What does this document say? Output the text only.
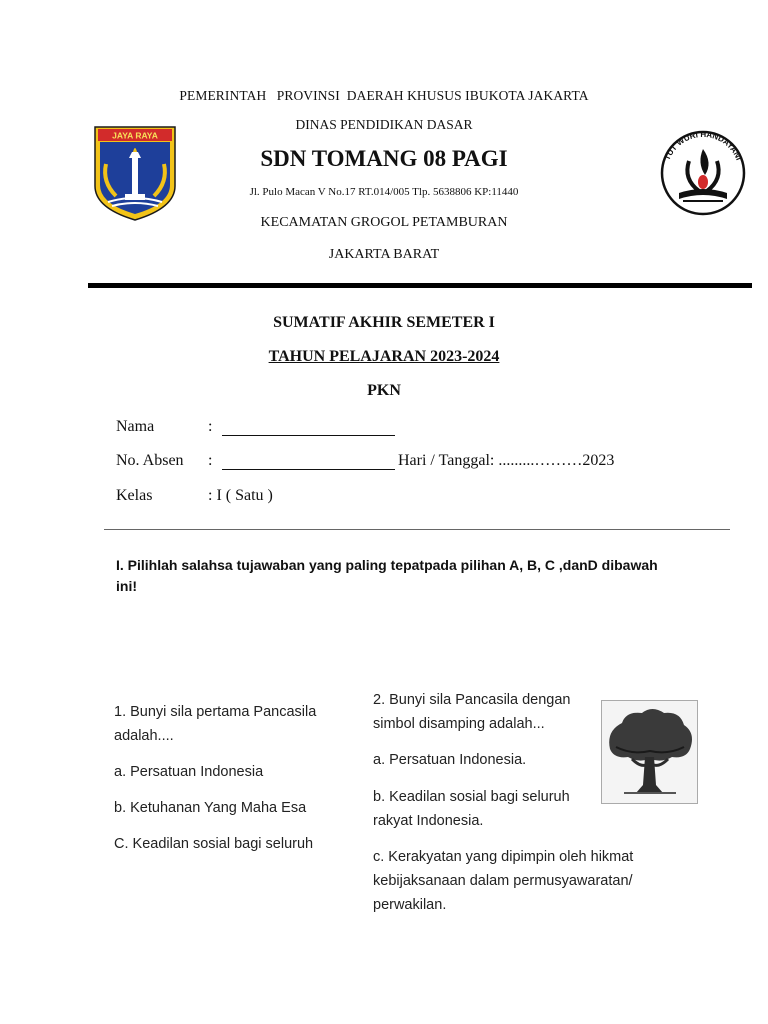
JAYA RAYA
TUT WURI HANDAYANI
PEMERINTAH   PROVINSI  DAERAH KHUSUS IBUKOTA JAKARTA
DINAS PENDIDIKAN DASAR
SDN TOMANG 08 PAGI
Jl. Pulo Macan V No.17 RT.014/005 Tlp. 5638806 KP:11440
KECAMATAN GROGOL PETAMBURAN
JAKARTA BARAT
SUMATIF AKHIR SEMETER I
TAHUN PELAJARAN 2023-2024
PKN
Nama	:
No. Absen :	Hari / Tanggal: .........………2023
Kelas	: I ( Satu )
I. Pilihlah salahsa tujawaban yang paling tepatpada pilihan A, B, C ,danD dibawah ini!
1. Bunyi sila pertama Pancasila adalah....
a. Persatuan Indonesia
b. Ketuhanan Yang Maha Esa
C. Keadilan sosial bagi seluruh
2. Bunyi sila Pancasila dengan simbol disamping adalah...
a. Persatuan Indonesia.
b. Keadilan sosial bagi seluruh rakyat Indonesia.
c. Kerakyatan yang dipimpin oleh hikmat kebijaksanaan dalam permusyawaratan/ perwakilan.
